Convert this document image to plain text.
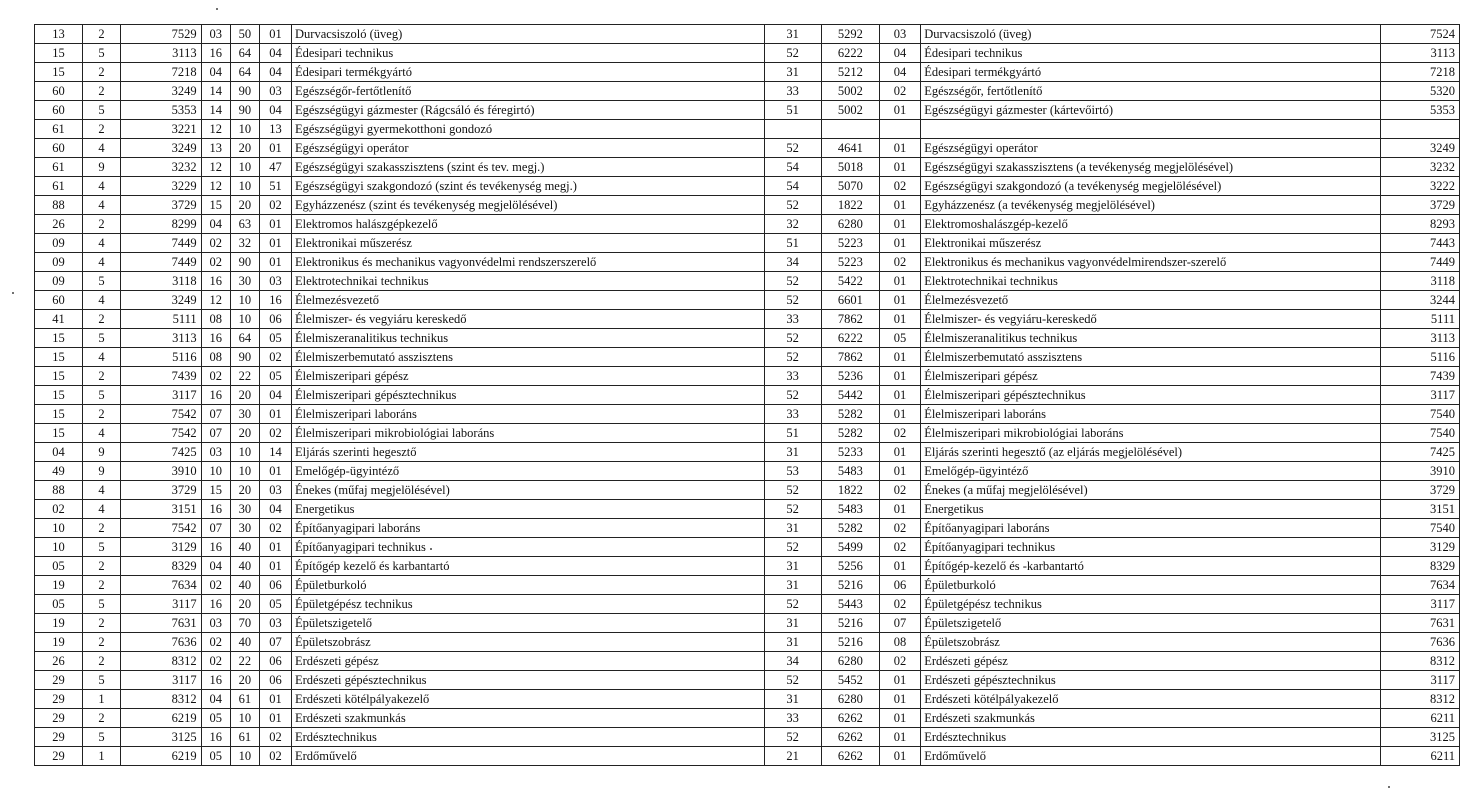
13	2	7529	03	50	01	Durvacsiszoló (üveg)	31	5292	03	Durvacsiszoló (üveg)	7524
15	5	3113	16	64	04	Édesipari technikus	52	6222	04	Édesipari technikus	3113
15	2	7218	04	64	04	Édesipari termékgyártó	31	5212	04	Édesipari termékgyártó	7218
60	2	3249	14	90	03	Egészségőr-fertőtlenítő	33	5002	02	Egészségőr, fertőtlenítő	5320
60	5	5353	14	90	04	Egészségügyi gázmester (Rágcsáló és féregirtó)	51	5002	01	Egészségügyi gázmester (kártevőirtó)	5353
61	2	3221	12	10	13	Egészségügyi gyermekotthoni gondozó					
60	4	3249	13	20	01	Egészségügyi operátor	52	4641	01	Egészségügyi operátor	3249
61	9	3232	12	10	47	Egészségügyi szakasszisztens (szint és tev. megj.)	54	5018	01	Egészségügyi szakasszisztens (a tevékenység megjelölésével)	3232
61	4	3229	12	10	51	Egészségügyi szakgondozó (szint és tevékenység megj.)	54	5070	02	Egészségügyi szakgondozó (a tevékenység megjelölésével)	3222
88	4	3729	15	20	02	Egyházzenész (szint és tevékenység megjelölésével)	52	1822	01	Egyházzenész (a tevékenység megjelölésével)	3729
26	2	8299	04	63	01	Elektromos halászgépkezelő	32	6280	01	Elektromoshalászgép-kezelő	8293
09	4	7449	02	32	01	Elektronikai műszerész	51	5223	01	Elektronikai műszerész	7443
09	4	7449	02	90	01	Elektronikus és mechanikus vagyonvédelmi rendszerszerelő	34	5223	02	Elektronikus és mechanikus vagyonvédelmirendszer-szerelő	7449
09	5	3118	16	30	03	Elektrotechnikai technikus	52	5422	01	Elektrotechnikai technikus	3118
60	4	3249	12	10	16	Élelmezésvezető	52	6601	01	Élelmezésvezető	3244
41	2	5111	08	10	06	Élelmiszer- és vegyiáru kereskedő	33	7862	01	Élelmiszer- és vegyiáru-kereskedő	5111
15	5	3113	16	64	05	Élelmiszeranalitikus technikus	52	6222	05	Élelmiszeranalitikus technikus	3113
15	4	5116	08	90	02	Élelmiszerbemutató asszisztens	52	7862	01	Élelmiszerbemutató asszisztens	5116
15	2	7439	02	22	05	Élelmiszeripari gépész	33	5236	01	Élelmiszeripari gépész	7439
15	5	3117	16	20	04	Élelmiszeripari gépésztechnikus	52	5442	01	Élelmiszeripari gépésztechnikus	3117
15	2	7542	07	30	01	Élelmiszeripari laboráns	33	5282	01	Élelmiszeripari laboráns	7540
15	4	7542	07	20	02	Élelmiszeripari mikrobiológiai laboráns	51	5282	02	Élelmiszeripari mikrobiológiai laboráns	7540
04	9	7425	03	10	14	Eljárás szerinti hegesztő	31	5233	01	Eljárás szerinti hegesztő (az eljárás megjelölésével)	7425
49	9	3910	10	10	01	Emelőgép-ügyintéző	53	5483	01	Emelőgép-ügyintéző	3910
88	4	3729	15	20	03	Énekes (műfaj megjelölésével)	52	1822	02	Énekes (a műfaj megjelölésével)	3729
02	4	3151	16	30	04	Energetikus	52	5483	01	Energetikus	3151
10	2	7542	07	30	02	Építőanyagipari laboráns	31	5282	02	Építőanyagipari laboráns	7540
10	5	3129	16	40	01	Építőanyagipari technikus	52	5499	02	Építőanyagipari technikus	3129
05	2	8329	04	40	01	Építőgép kezelő és karbantartó	31	5256	01	Építőgép-kezelő és -karbantartó	8329
19	2	7634	02	40	06	Épületburkoló	31	5216	06	Épületburkoló	7634
05	5	3117	16	20	05	Épületgépész technikus	52	5443	02	Épületgépész technikus	3117
19	2	7631	03	70	03	Épületszigetelő	31	5216	07	Épületszigetelő	7631
19	2	7636	02	40	07	Épületszobrász	31	5216	08	Épületszobrász	7636
26	2	8312	02	22	06	Erdészeti gépész	34	6280	02	Erdészeti gépész	8312
29	5	3117	16	20	06	Erdészeti gépésztechnikus	52	5452	01	Erdészeti gépésztechnikus	3117
29	1	8312	04	61	01	Erdészeti kötélpályakezelő	31	6280	01	Erdészeti kötélpályakezelő	8312
29	2	6219	05	10	01	Erdészeti szakmunkás	33	6262	01	Erdészeti szakmunkás	6211
29	5	3125	16	61	02	Erdésztechnikus	52	6262	01	Erdésztechnikus	3125
29	1	6219	05	10	02	Erdőművelő	21	6262	01	Erdőművelő	6211
